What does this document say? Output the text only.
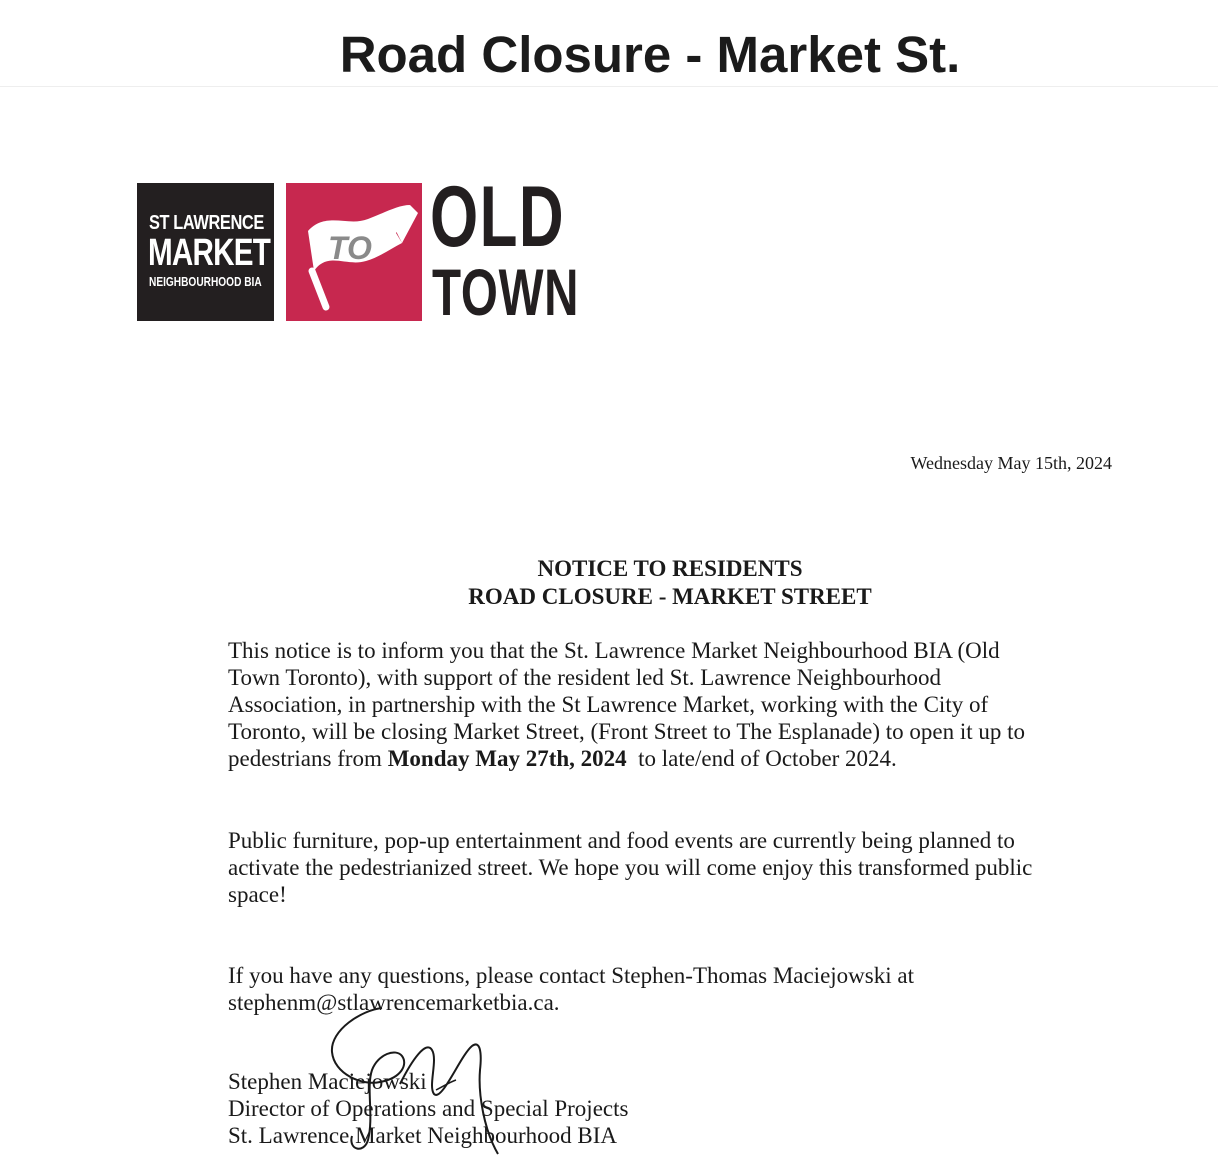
Road Closure - Market St.
ST LAWRENCE
MARKET
NEIGHBOURHOOD BIA
TO OLD
TOWN
Wednesday May 15th, 2024
NOTICE TO RESIDENTS
ROAD CLOSURE - MARKET STREET

This notice is to inform you that the St. Lawrence Market Neighbourhood BIA (Old
Town Toronto), with support of the resident led St. Lawrence Neighbourhood
Association, in partnership with the St Lawrence Market, working with the City of
Toronto, will be closing Market Street, (Front Street to The Esplanade) to open it up to
pedestrians from Monday May 27th, 2024  to late/end of October 2024.

Public furniture, pop-up entertainment and food events are currently being planned to
activate the pedestrianized street. We hope you will come enjoy this transformed public
space!

If you have any questions, please contact Stephen-Thomas Maciejowski at
stephenm@stlawrencemarketbia.ca.

Stephen Maciejowski
Director of Operations and Special Projects
St. Lawrence Market Neighbourhood BIA
